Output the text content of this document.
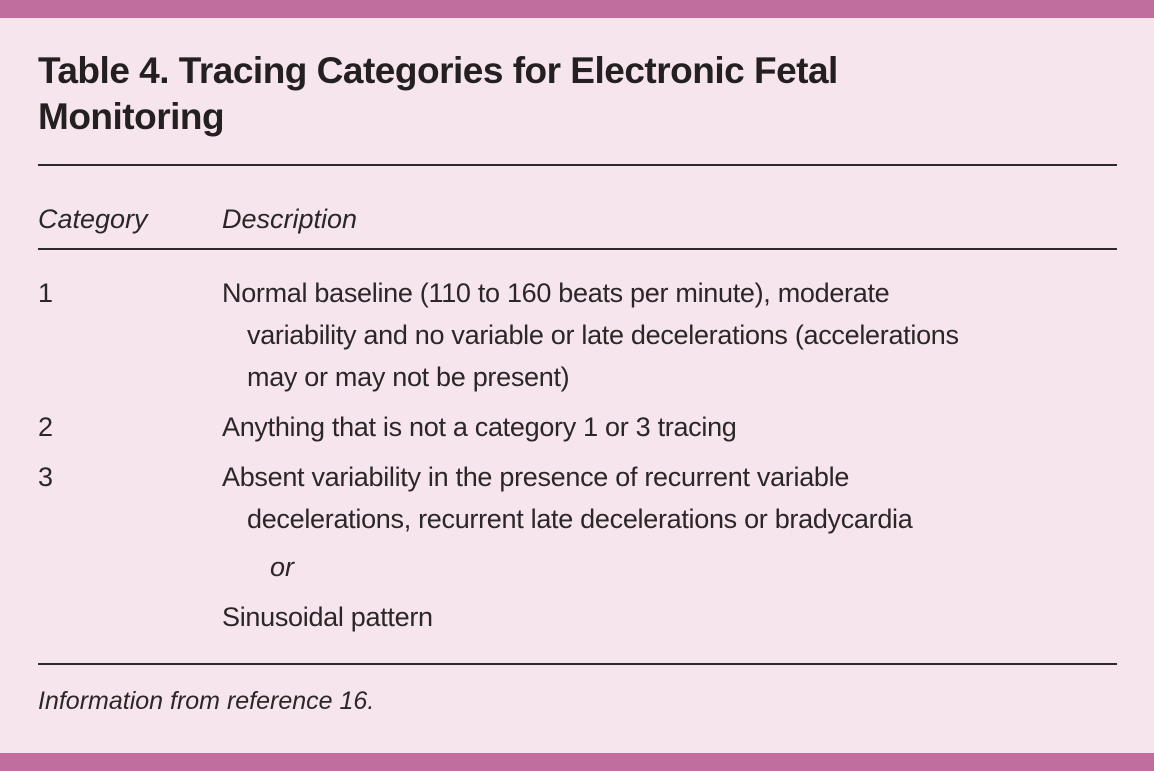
Table 4. Tracing Categories for Electronic Fetal
Monitoring
Category	Description
1	Normal baseline (110 to 160 beats per minute), moderate
variability and no variable or late decelerations (accelerations
may or may not be present)
2	Anything that is not a category 1 or 3 tracing
3	Absent variability in the presence of recurrent variable
decelerations, recurrent late decelerations or bradycardia
or
Sinusoidal pattern
Information from reference 16.
